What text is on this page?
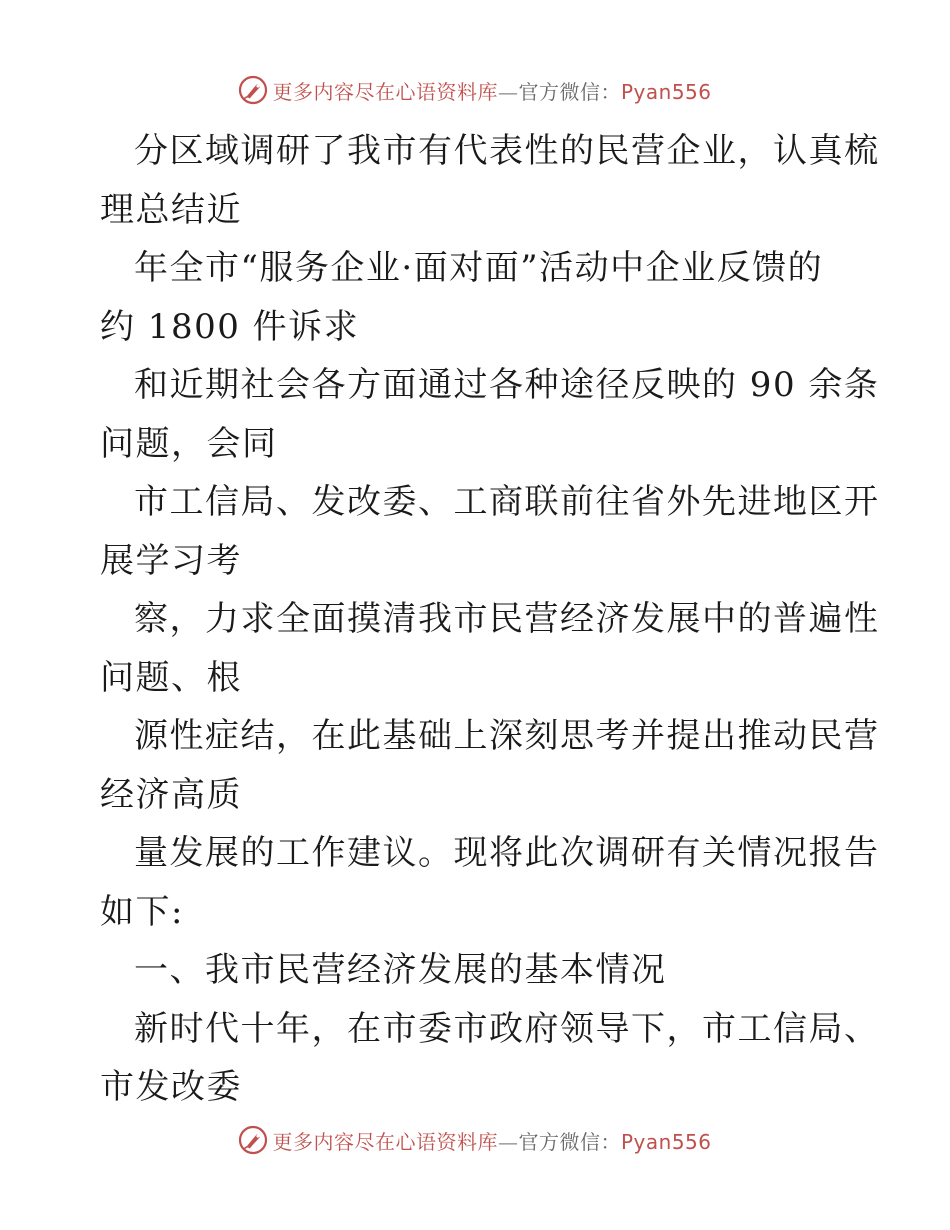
更多内容尽在心语资料库—官方微信：Pyan556
分区域调研了我市有代表性的民营企业，认真梳
理总结近
年全市“服务企业·面对面”活动中企业反馈的
约 1800 件诉求
和近期社会各方面通过各种途径反映的 90 余条
问题，会同
市工信局、发改委、工商联前往省外先进地区开
展学习考
察，力求全面摸清我市民营经济发展中的普遍性
问题、根
源性症结，在此基础上深刻思考并提出推动民营
经济高质
量发展的工作建议。现将此次调研有关情况报告
如下:
一、我市民营经济发展的基本情况
新时代十年，在市委市政府领导下，市工信局、
市发改委
更多内容尽在心语资料库—官方微信：Pyan556
